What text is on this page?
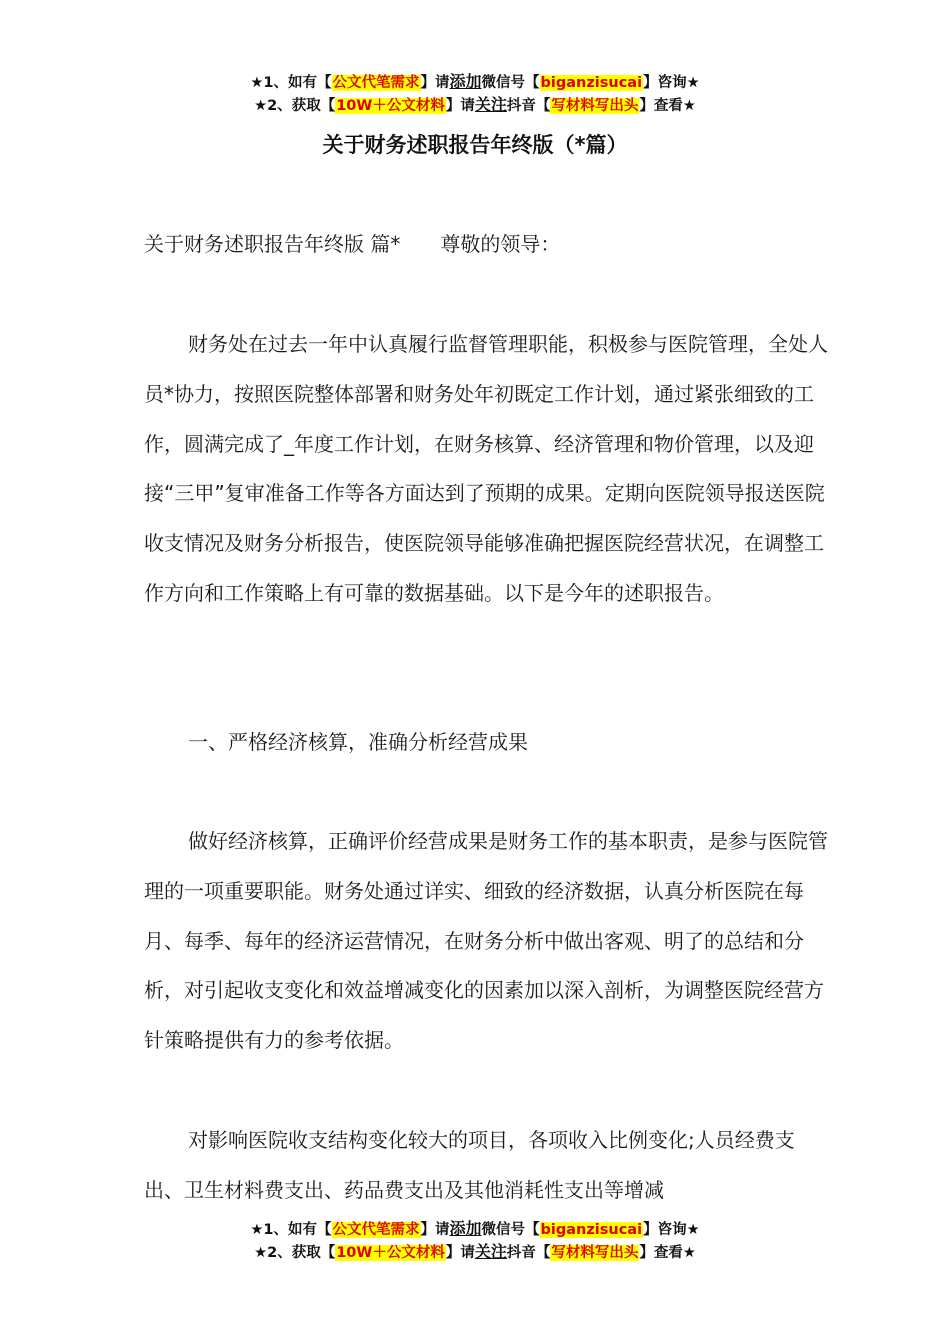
★1、如有【公文代笔需求】请添加微信号【biganzisucai】咨询★
★2、获取【10W＋公文材料】请关注抖音【写材料写出头】查看★
关于财务述职报告年终版（*篇）

关于财务述职报告年终版 篇*　　尊敬的领导：

财务处在过去一年中认真履行监督管理职能，积极参与医院管理，全处人员*协力，按照医院整体部署和财务处年初既定工作计划，通过紧张细致的工作，圆满完成了_年度工作计划，在财务核算、经济管理和物价管理，以及迎接“三甲”复审准备工作等各方面达到了预期的成果。定期向医院领导报送医院收支情况及财务分析报告，使医院领导能够准确把握医院经营状况，在调整工作方向和工作策略上有可靠的数据基础。以下是今年的述职报告。

一、严格经济核算，准确分析经营成果

做好经济核算，正确评价经营成果是财务工作的基本职责，是参与医院管理的一项重要职能。财务处通过详实、细致的经济数据，认真分析医院在每月、每季、每年的经济运营情况，在财务分析中做出客观、明了的总结和分析，对引起收支变化和效益增减变化的因素加以深入剖析，为调整医院经营方针策略提供有力的参考依据。

对影响医院收支结构变化较大的项目，各项收入比例变化;人员经费支出、卫生材料费支出、药品费支出及其他消耗性支出等增减

★1、如有【公文代笔需求】请添加微信号【biganzisucai】咨询★
★2、获取【10W＋公文材料】请关注抖音【写材料写出头】查看★
